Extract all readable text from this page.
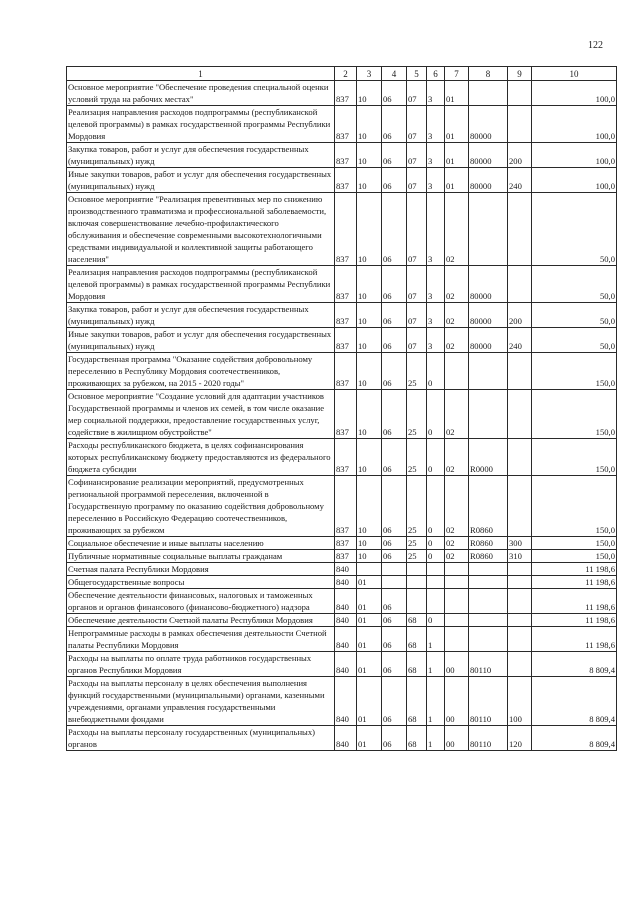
122
1	2	3	4	5	6	7	8	9	10
Основное мероприятие "Обеспечение проведения специальной оценки условий труда на рабочих местах"	837	10	06	07	3	01			100,0
Реализация направления расходов подпрограммы (республиканской целевой программы) в рамках государственной программы Республики Мордовия	837	10	06	07	3	01	80000		100,0
Закупка товаров, работ и услуг для обеспечения государственных (муниципальных) нужд	837	10	06	07	3	01	80000	200	100,0
Иные закупки товаров, работ и услуг для обеспечения государственных (муниципальных) нужд	837	10	06	07	3	01	80000	240	100,0
Основное мероприятие "Реализация превентивных мер по снижению производственного травматизма и профессиональной заболеваемости, включая совершенствование лечебно-профилактического обслуживания и обеспечение современными высокотехнологичными средствами индивидуальной и коллективной защиты работающего населения"	837	10	06	07	3	02			50,0
Реализация направления расходов подпрограммы (республиканской целевой программы) в рамках государственной программы Республики Мордовия	837	10	06	07	3	02	80000		50,0
Закупка товаров, работ и услуг для обеспечения государственных (муниципальных) нужд	837	10	06	07	3	02	80000	200	50,0
Иные закупки товаров, работ и услуг для обеспечения государственных (муниципальных) нужд	837	10	06	07	3	02	80000	240	50,0
Государственная программа "Оказание содействия добровольному переселению в Республику Мордовия соотечественников, проживающих за рубежом, на 2015 - 2020 годы"	837	10	06	25	0				150,0
Основное мероприятие "Создание условий для адаптации участников Государственной программы и членов их семей, в том числе оказание мер социальной поддержки, предоставление государственных услуг, содействие в жилищном обустройстве"	837	10	06	25	0	02			150,0
Расходы республиканского бюджета, в целях софинансирования которых республиканскому бюджету предоставляются из федерального бюджета субсидии	837	10	06	25	0	02	R0000		150,0
Софинансирование реализации мероприятий, предусмотренных региональной программой переселения, включенной в Государственную программу по оказанию содействия добровольному переселению в Российскую Федерацию соотечественников, проживающих за рубежом	837	10	06	25	0	02	R0860		150,0
Социальное обеспечение и иные выплаты населению	837	10	06	25	0	02	R0860	300	150,0
Публичные нормативные социальные выплаты гражданам	837	10	06	25	0	02	R0860	310	150,0
Счетная палата Республики Мордовия	840								11 198,6
Общегосударственные вопросы	840	01							11 198,6
Обеспечение деятельности финансовых, налоговых и таможенных органов и органов финансового (финансово-бюджетного) надзора	840	01	06						11 198,6
Обеспечение деятельности Счетной палаты Республики Мордовия	840	01	06	68	0				11 198,6
Непрограммные расходы в рамках обеспечения деятельности Счетной палаты Республики Мордовия	840	01	06	68	1				11 198,6
Расходы на выплаты по оплате труда работников государственных органов Республики Мордовия	840	01	06	68	1	00	80110		8 809,4
Расходы на выплаты персоналу в целях обеспечения выполнения функций государственными (муниципальными) органами, казенными учреждениями, органами управления государственными внебюджетными фондами	840	01	06	68	1	00	80110	100	8 809,4
Расходы на выплаты персоналу государственных (муниципальных) органов	840	01	06	68	1	00	80110	120	8 809,4
